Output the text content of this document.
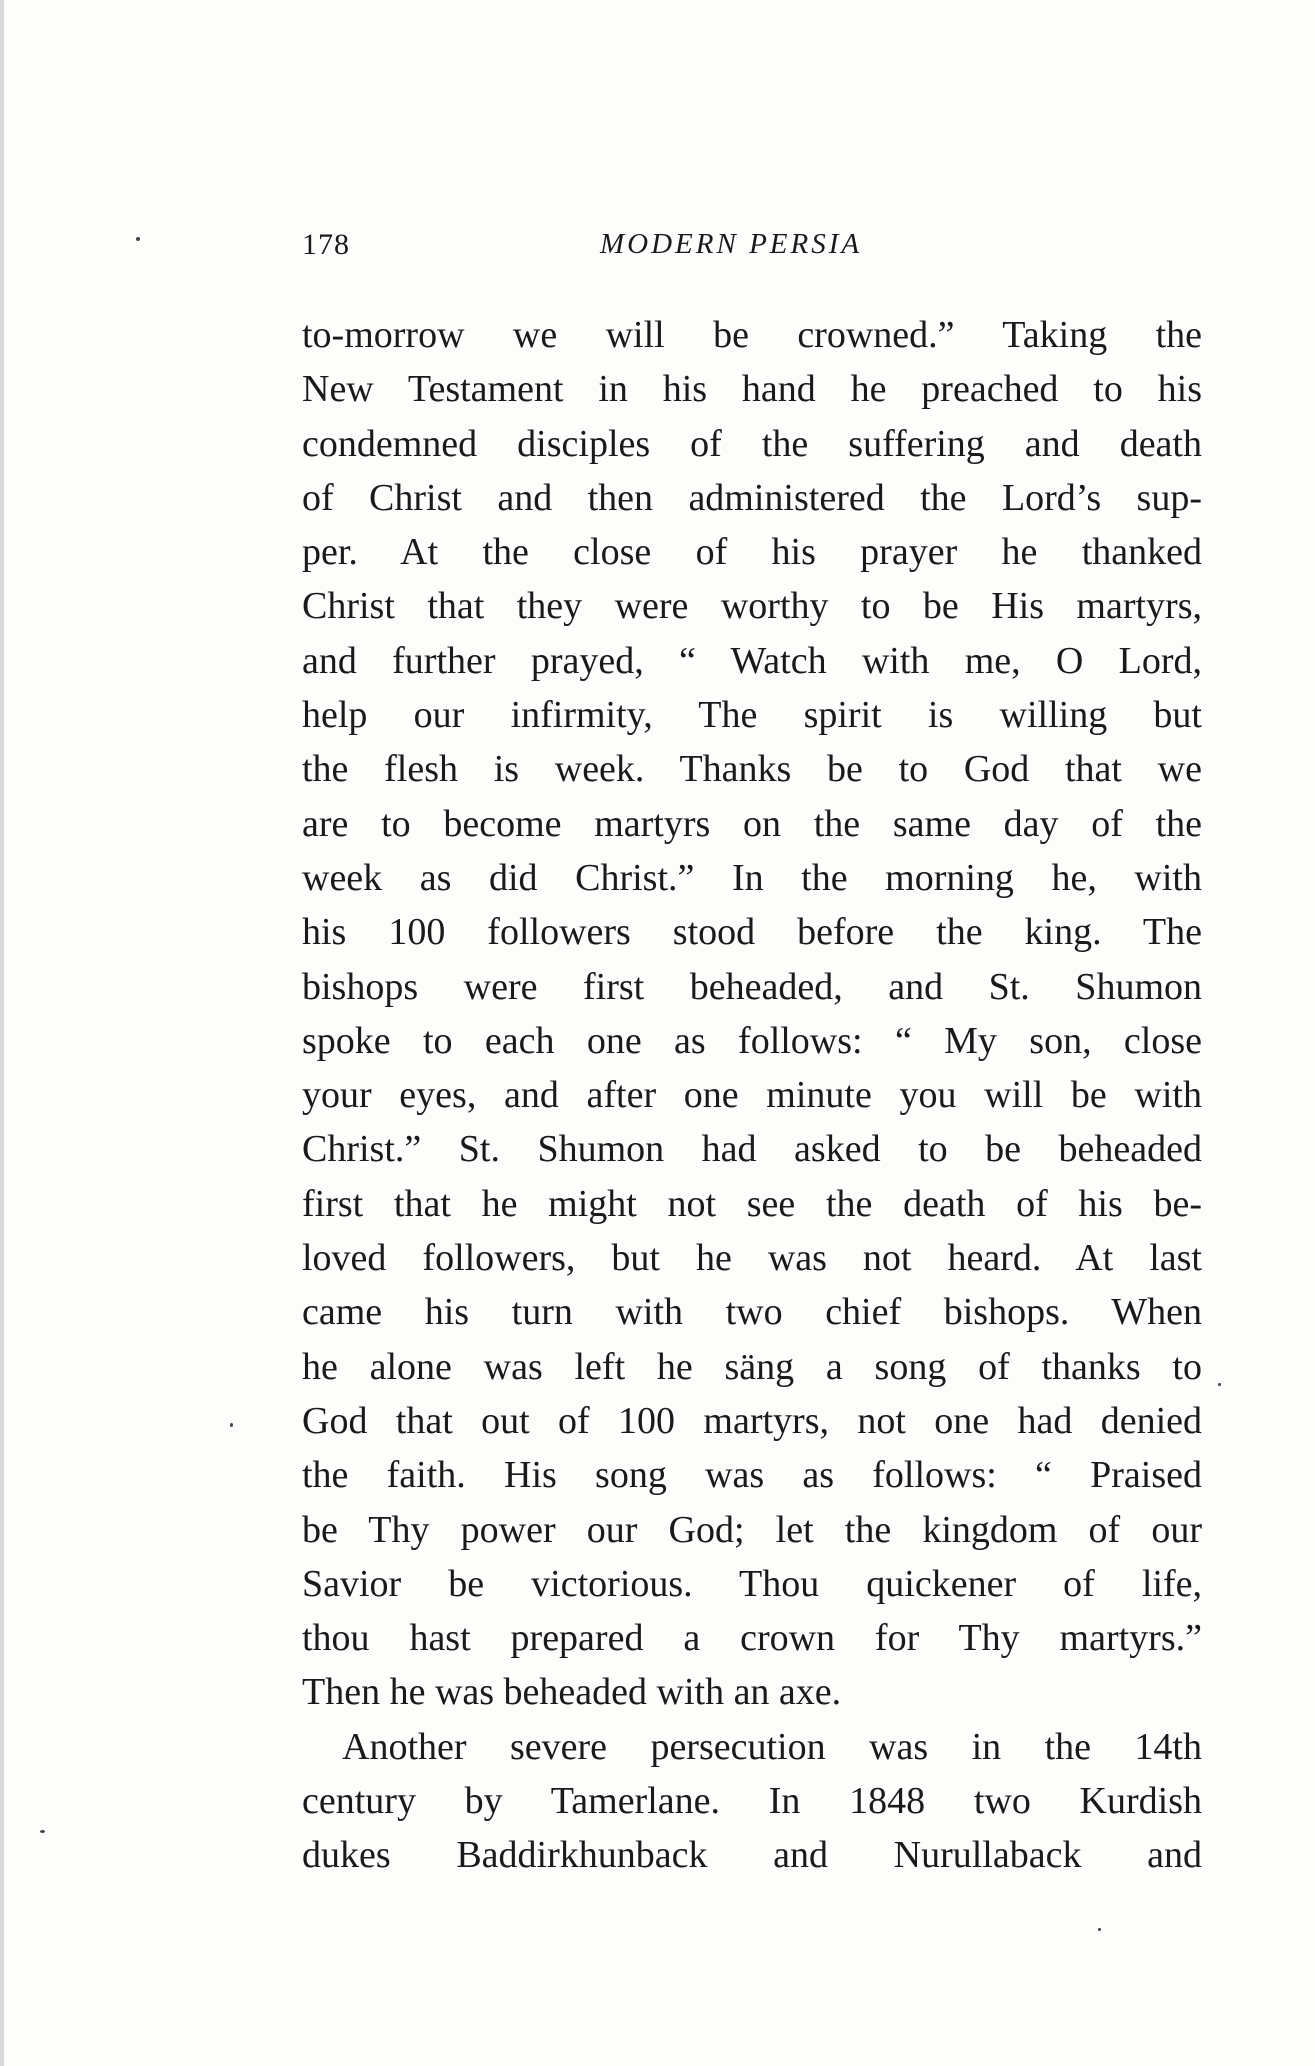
178	MODERN PERSIA
to-morrow we will be crowned.” Taking the
New Testament in his hand he preached to his
condemned disciples of the suffering and death
of Christ and then administered the Lord’s sup-
per. At the close of his prayer he thanked
Christ that they were worthy to be His martyrs,
and further prayed, “ Watch with me, O Lord,
help our infirmity, The spirit is willing but
the flesh is week. Thanks be to God that we
are to become martyrs on the same day of the
week as did Christ.” In the morning he, with
his 100 followers stood before the king. The
bishops were first beheaded, and St. Shumon
spoke to each one as follows: “ My son, close
your eyes, and after one minute you will be with
Christ.” St. Shumon had asked to be beheaded
first that he might not see the death of his be-
loved followers, but he was not heard. At last
came his turn with two chief bishops. When
he alone was left he säng a song of thanks to
God that out of 100 martyrs, not one had denied
the faith. His song was as follows: “ Praised
be Thy power our God; let the kingdom of our
Savior be victorious. Thou quickener of life,
thou hast prepared a crown for Thy martyrs.”
Then he was beheaded with an axe.
Another severe persecution was in the 14th
century by Tamerlane. In 1848 two Kurdish
dukes Baddirkhunback and Nurullaback and
